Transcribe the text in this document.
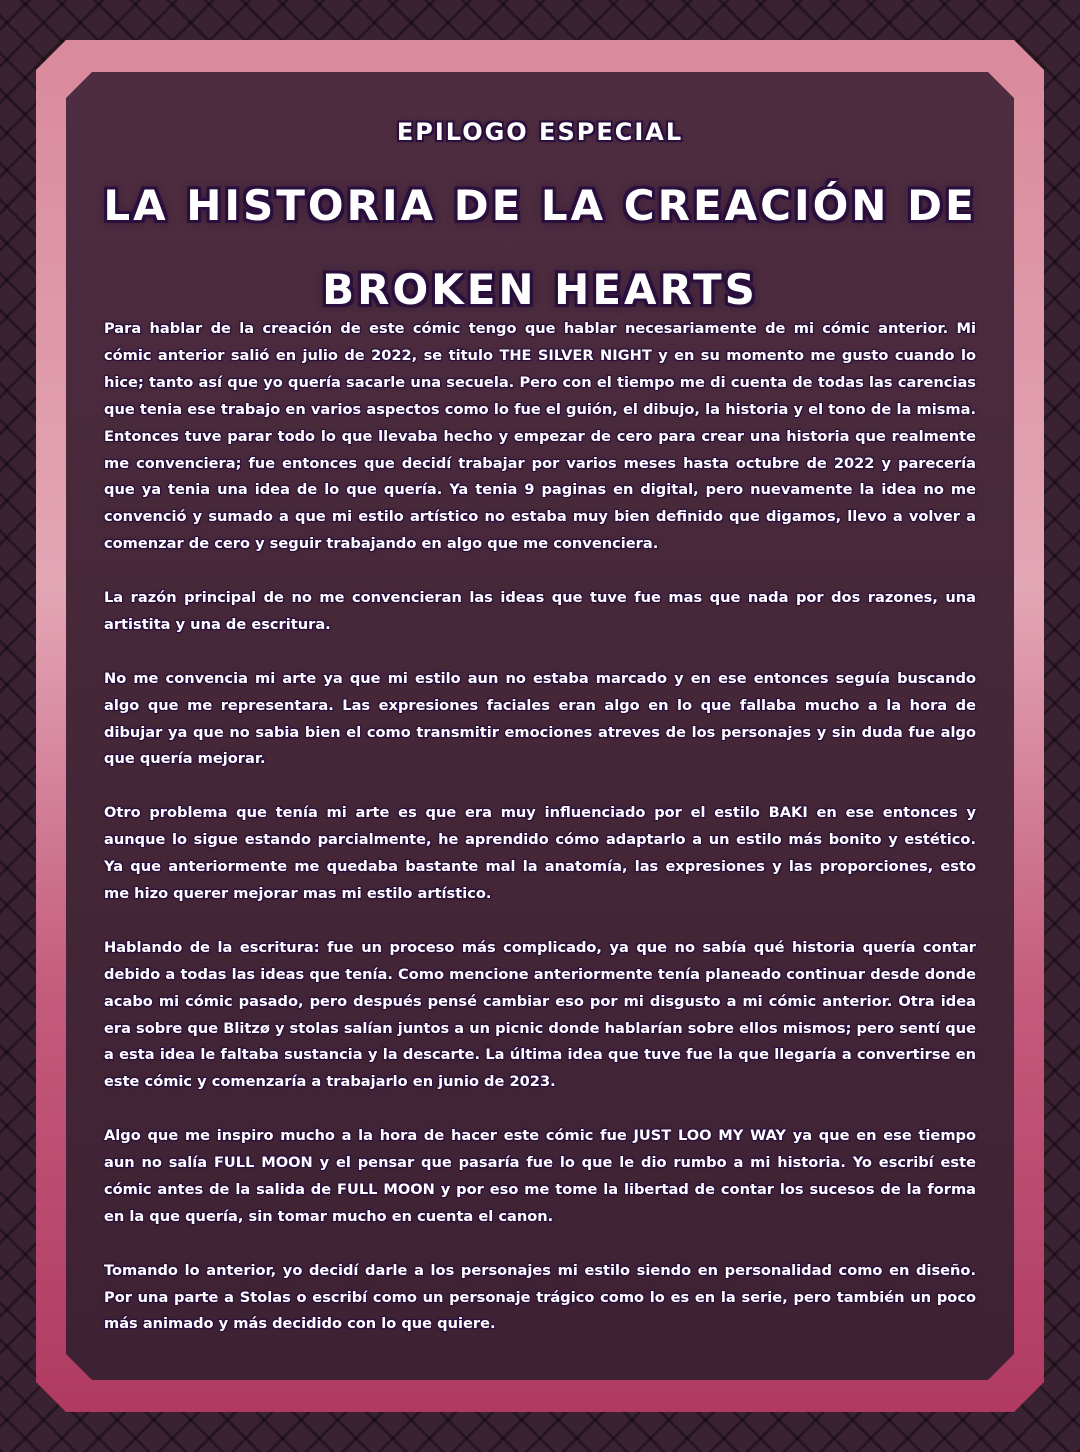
EPILOGO ESPECIAL
LA HISTORIA DE LA CREACIÓN DE
BROKEN HEARTS

Para hablar de la creación de este cómic tengo que hablar necesariamente de mi cómic anterior. Mi cómic anterior salió en julio de 2022, se titulo THE SILVER NIGHT y en su momento me gusto cuando lo hice; tanto así que yo quería sacarle una secuela. Pero con el tiempo me di cuenta de todas las carencias que tenia ese trabajo en varios aspectos como lo fue el guión, el dibujo, la historia y el tono de la misma. Entonces tuve parar todo lo que llevaba hecho y empezar de cero para crear una historia que realmente me convenciera; fue entonces que decidí trabajar por varios meses hasta octubre de 2022 y parecería que ya tenia una idea de lo que quería. Ya tenia 9 paginas en digital, pero nuevamente la idea no me convenció y sumado a que mi estilo artístico no estaba muy bien definido que digamos, llevo a volver a comenzar de cero y seguir trabajando en algo que me convenciera.

La razón principal de no me convencieran las ideas que tuve fue mas que nada por dos razones, una artistita y una de escritura.

No me convencia mi arte ya que mi estilo aun no estaba marcado y en ese entonces seguía buscando algo que me representara. Las expresiones faciales eran algo en lo que fallaba mucho a la hora de dibujar ya que no sabia bien el como transmitir emociones atreves de los personajes y sin duda fue algo que quería mejorar.

Otro problema que tenía mi arte es que era muy influenciado por el estilo BAKI en ese entonces y aunque lo sigue estando parcialmente, he aprendido cómo adaptarlo a un estilo más bonito y estético. Ya que anteriormente me quedaba bastante mal la anatomía, las expresiones y las proporciones, esto me hizo querer mejorar mas mi estilo artístico.

Hablando de la escritura: fue un proceso más complicado, ya que no sabía qué historia quería contar debido a todas las ideas que tenía. Como mencione anteriormente tenía planeado continuar desde donde acabo mi cómic pasado, pero después pensé cambiar eso por mi disgusto a mi cómic anterior. Otra idea era sobre que Blitzø y stolas salían juntos a un picnic donde hablarían sobre ellos mismos; pero sentí que a esta idea le faltaba sustancia y la descarte. La última idea que tuve fue la que llegaría a convertirse en este cómic y comenzaría a trabajarlo en junio de 2023.

Algo que me inspiro mucho a la hora de hacer este cómic fue JUST LOO MY WAY ya que en ese tiempo aun no salía FULL MOON y el pensar que pasaría fue lo que le dio rumbo a mi historia. Yo escribí este cómic antes de la salida de FULL MOON y por eso me tome la libertad de contar los sucesos de la forma en la que quería, sin tomar mucho en cuenta el canon.

Tomando lo anterior, yo decidí darle a los personajes mi estilo siendo en personalidad como en diseño. Por una parte a Stolas o escribí como un personaje trágico como lo es en la serie, pero también un poco más animado y más decidido con lo que quiere.
